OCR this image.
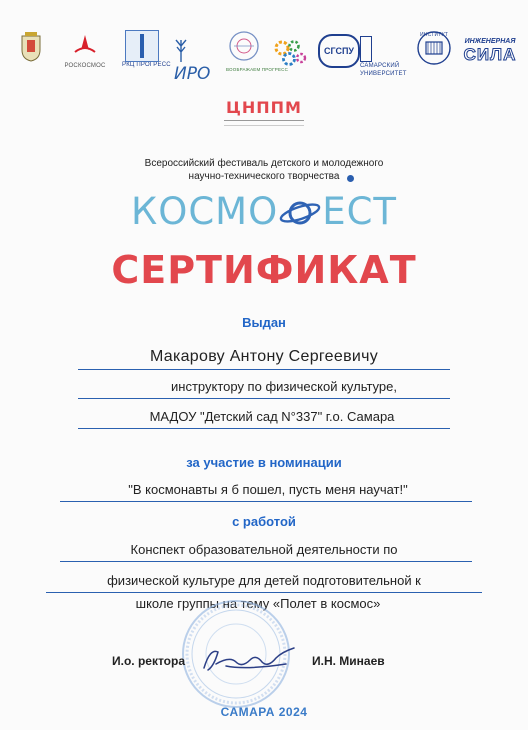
РОСКОСМОС	РКЦ ПРОГРЕСС ИРО	ВООБРАЖАЕМ ПРОГРЕСС
СГСПУ
САМАРСКИЙ УНИВЕРСИТЕТ
ИНСТИТУТ
ИНЖЕНЕРНАЯ
СИЛА
ЦНППМ
Всероссийский фестиваль детского и молодежного
научно-технического творчества
КОСМО ЕСТ
СЕРТИФИКАТ
Выдан
Макарову Антону Сергеевичу
инструктору по физической культуре,
МАДОУ "Детский сад N°337" г.о. Самара
за участие в номинации
"В космонавты я б пошел, пусть меня научат!"
с работой
Конспект образовательной деятельности по
физической культуре для детей подготовительной к
школе группы на тему «Полет в космос»
И.о. ректора	И.Н. Минаев
САМАРА 2024
